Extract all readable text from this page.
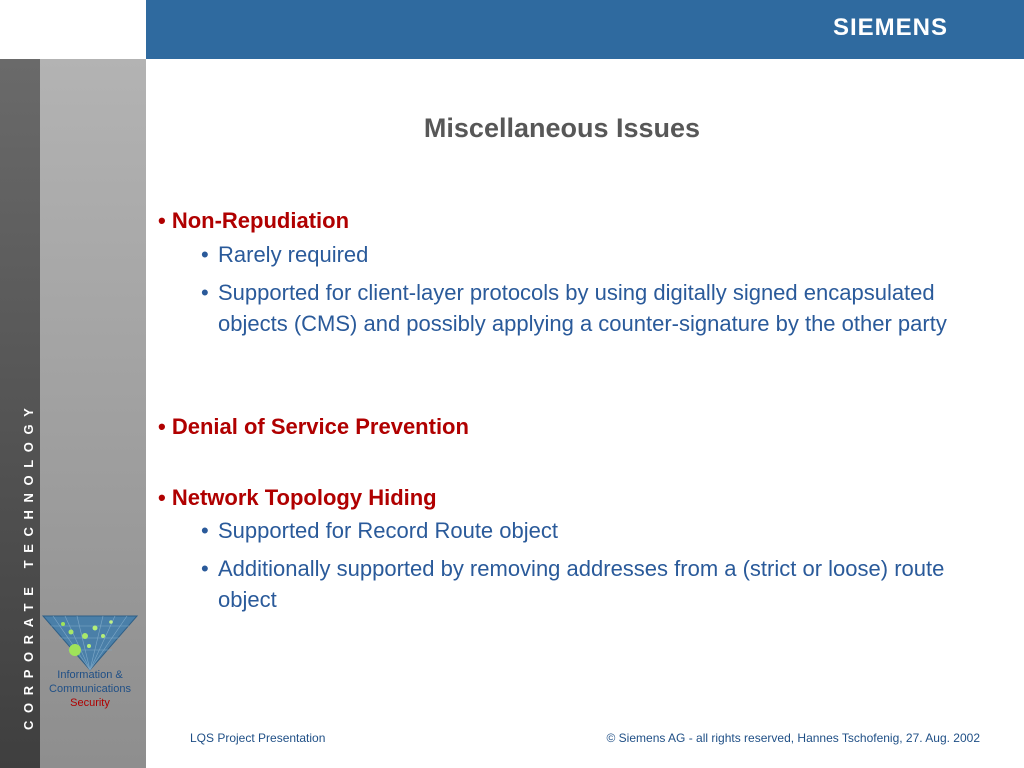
SIEMENS
CORPORATE TECHNOLOGY	Information &
Communications
Security
Miscellaneous Issues
• Non-Repudiation
• Rarely required
• Supported for client-layer protocols by using digitally signed encapsulated objects (CMS) and possibly applying a counter-signature by the other party
• Denial of Service Prevention
• Network Topology Hiding
• Supported for Record Route object
• Additionally supported by removing addresses from a (strict or loose) route object
LQS Project Presentation	© Siemens AG - all rights reserved, Hannes Tschofenig, 27. Aug. 2002
